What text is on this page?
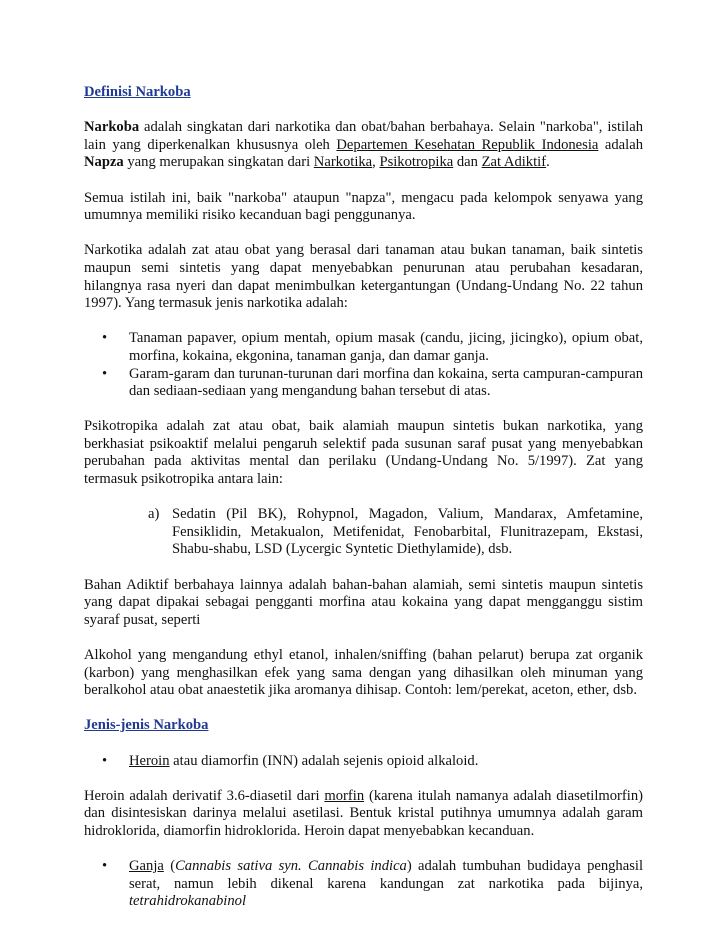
Definisi Narkoba

Narkoba adalah singkatan dari narkotika dan obat/bahan berbahaya. Selain "narkoba", istilah lain yang diperkenalkan khususnya oleh Departemen Kesehatan Republik Indonesia adalah Napza yang merupakan singkatan dari Narkotika, Psikotropika dan Zat Adiktif.

Semua istilah ini, baik "narkoba" ataupun "napza", mengacu pada kelompok senyawa yang umumnya memiliki risiko kecanduan bagi penggunanya.

Narkotika adalah zat atau obat yang berasal dari tanaman atau bukan tanaman, baik sintetis maupun semi sintetis yang dapat menyebabkan penurunan atau perubahan kesadaran, hilangnya rasa nyeri dan dapat menimbulkan ketergantungan (Undang-Undang No. 22 tahun 1997). Yang termasuk jenis narkotika adalah:

• Tanaman papaver, opium mentah, opium masak (candu, jicing, jicingko), opium obat, morfina, kokaina, ekgonina, tanaman ganja, dan damar ganja.
• Garam-garam dan turunan-turunan dari morfina dan kokaina, serta campuran-campuran dan sediaan-sediaan yang mengandung bahan tersebut di atas.

Psikotropika adalah zat atau obat, baik alamiah maupun sintetis bukan narkotika, yang berkhasiat psikoaktif melalui pengaruh selektif pada susunan saraf pusat yang menyebabkan perubahan pada aktivitas mental dan perilaku (Undang-Undang No. 5/1997). Zat yang termasuk psikotropika antara lain:

a) Sedatin (Pil BK), Rohypnol, Magadon, Valium, Mandarax, Amfetamine, Fensiklidin, Metakualon, Metifenidat, Fenobarbital, Flunitrazepam, Ekstasi, Shabu-shabu, LSD (Lycergic Syntetic Diethylamide), dsb.

Bahan Adiktif berbahaya lainnya adalah bahan-bahan alamiah, semi sintetis maupun sintetis yang dapat dipakai sebagai pengganti morfina atau kokaina yang dapat mengganggu sistim syaraf pusat, seperti

Alkohol yang mengandung ethyl etanol, inhalen/sniffing (bahan pelarut) berupa zat organik (karbon) yang menghasilkan efek yang sama dengan yang dihasilkan oleh minuman yang beralkohol atau obat anaestetik jika aromanya dihisap. Contoh: lem/perekat, aceton, ether, dsb.

Jenis-jenis Narkoba

• Heroin atau diamorfin (INN) adalah sejenis opioid alkaloid.

Heroin adalah derivatif 3.6-diasetil dari morfin (karena itulah namanya adalah diasetilmorfin) dan disintesiskan darinya melalui asetilasi. Bentuk kristal putihnya umumnya adalah garam hidroklorida, diamorfin hidroklorida. Heroin dapat menyebabkan kecanduan.

• Ganja (Cannabis sativa syn. Cannabis indica) adalah tumbuhan budidaya penghasil serat, namun lebih dikenal karena kandungan zat narkotika pada bijinya, tetrahidrokanabinol
